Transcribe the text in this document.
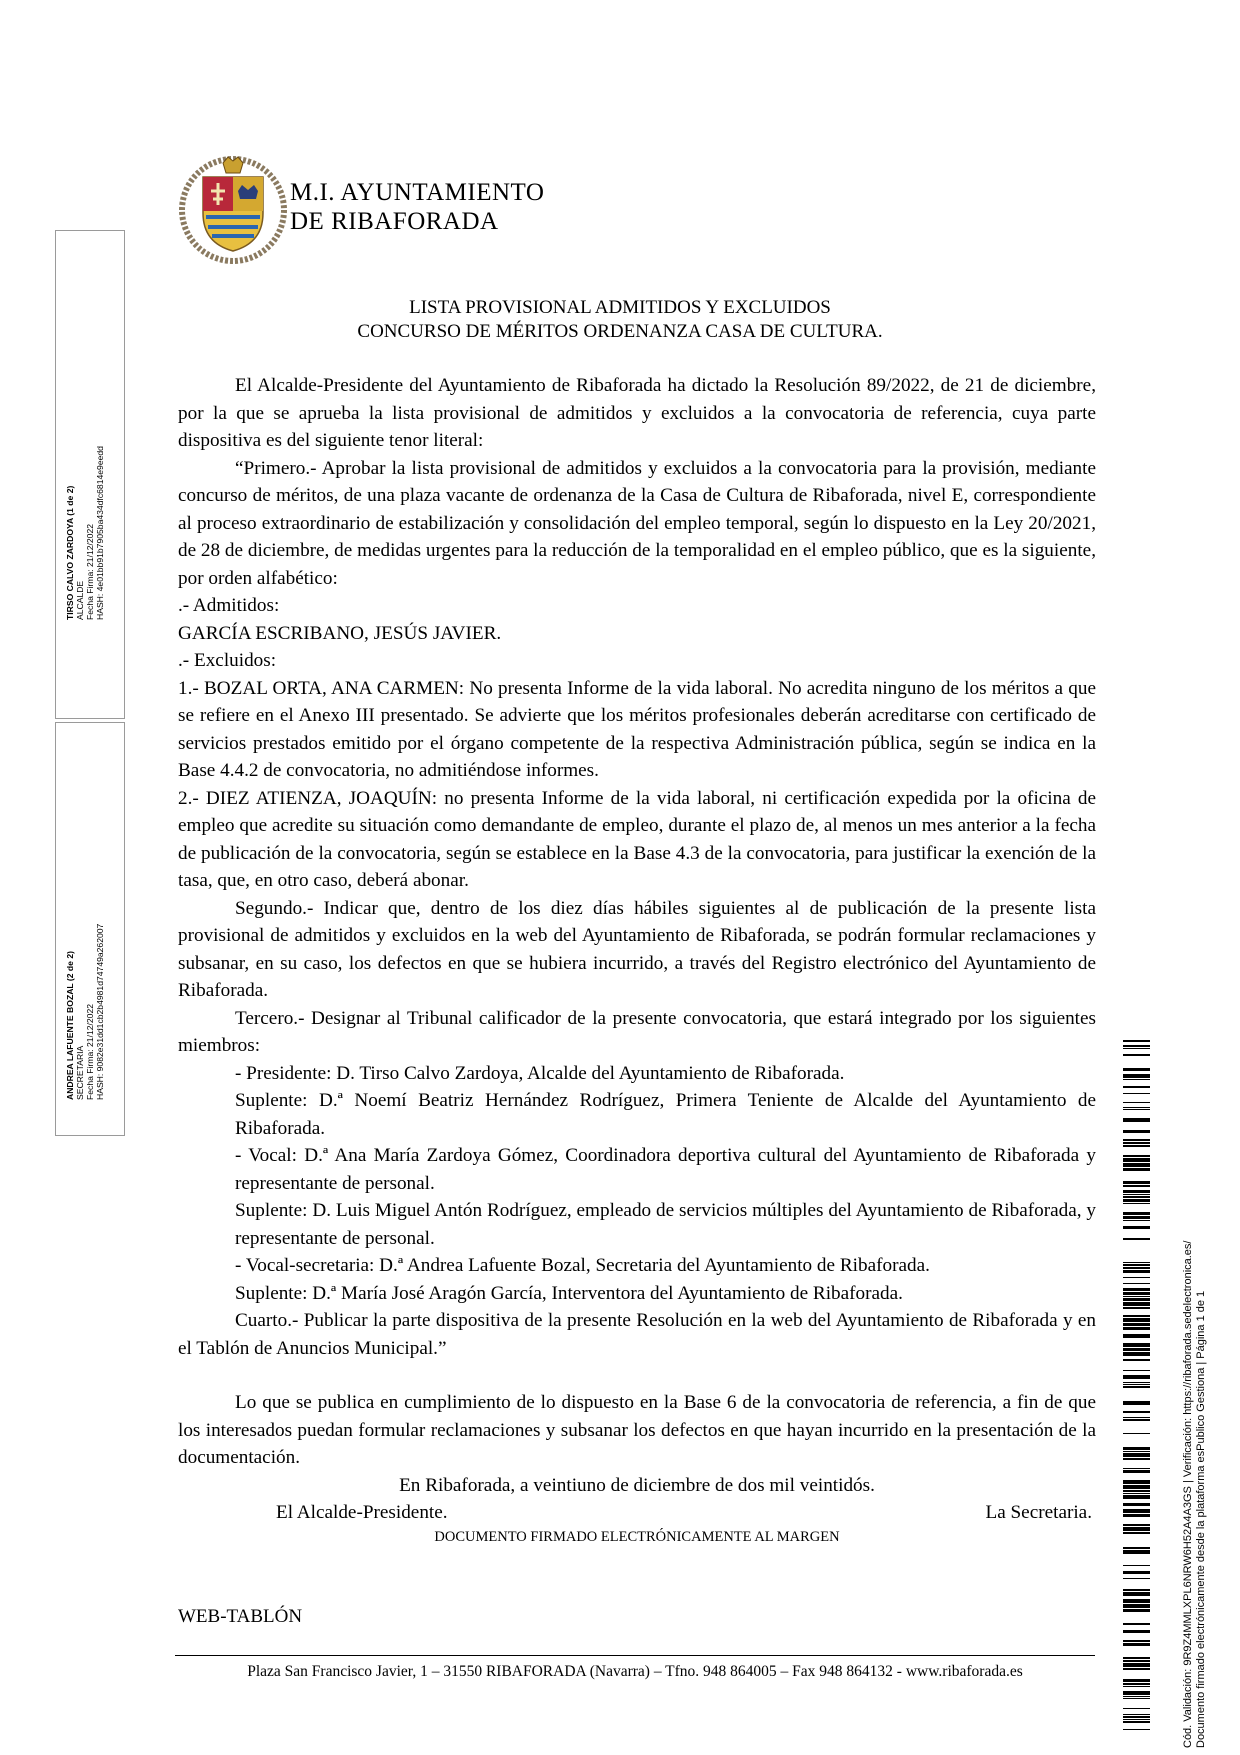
M.I. AYUNTAMIENTO
DE RIBAFORADA
LISTA PROVISIONAL ADMITIDOS Y EXCLUIDOS
CONCURSO DE MÉRITOS ORDENANZA CASA DE CULTURA.

El Alcalde-Presidente del Ayuntamiento de Ribaforada ha dictado la Resolución 89/2022, de 21 de diciembre, por la que se aprueba la lista provisional de admitidos y excluidos a la convocatoria de referencia, cuya parte dispositiva es del siguiente tenor literal:

“Primero.- Aprobar la lista provisional de admitidos y excluidos a la convocatoria para la provisión, mediante concurso de méritos, de una plaza vacante de ordenanza de la Casa de Cultura de Ribaforada, nivel E, correspondiente al proceso extraordinario de estabilización y consolidación del empleo temporal, según lo dispuesto en la Ley 20/2021, de 28 de diciembre, de medidas urgentes para la reducción de la temporalidad en el empleo público, que es la siguiente, por orden alfabético:

.- Admitidos:

GARCÍA ESCRIBANO, JESÚS JAVIER.

.- Excluidos:

1.- BOZAL ORTA, ANA CARMEN: No presenta Informe de la vida laboral. No acredita ninguno de los méritos a que se refiere en el Anexo III presentado. Se advierte que los méritos profesionales deberán acreditarse con certificado de servicios prestados emitido por el órgano competente de la respectiva Administración pública, según se indica en la Base 4.4.2 de convocatoria, no admitiéndose informes.

2.- DIEZ ATIENZA, JOAQUÍN: no presenta Informe de la vida laboral, ni certificación expedida por la oficina de empleo que acredite su situación como demandante de empleo, durante el plazo de, al menos un mes anterior a la fecha de publicación de la convocatoria, según se establece en la Base 4.3 de la convocatoria, para justificar la exención de la tasa, que, en otro caso, deberá abonar.

Segundo.- Indicar que, dentro de los diez días hábiles siguientes al de publicación de la presente lista provisional de admitidos y excluidos en la web del Ayuntamiento de Ribaforada, se podrán formular reclamaciones y subsanar, en su caso, los defectos en que se hubiera incurrido, a través del Registro electrónico del Ayuntamiento de Ribaforada.

Tercero.- Designar al Tribunal calificador de la presente convocatoria, que estará integrado por los siguientes miembros:

- Presidente: D. Tirso Calvo Zardoya, Alcalde del Ayuntamiento de Ribaforada.

Suplente: D.ª Noemí Beatriz Hernández Rodríguez, Primera Teniente de Alcalde del Ayuntamiento de Ribaforada.

- Vocal: D.ª Ana María Zardoya Gómez, Coordinadora deportiva cultural del Ayuntamiento de Ribaforada y representante de personal.

Suplente: D. Luis Miguel Antón Rodríguez, empleado de servicios múltiples del Ayuntamiento de Ribaforada, y representante de personal.

- Vocal-secretaria: D.ª Andrea Lafuente Bozal, Secretaria del Ayuntamiento de Ribaforada.

Suplente: D.ª María José Aragón García, Interventora del Ayuntamiento de Ribaforada.

Cuarto.- Publicar la parte dispositiva de la presente Resolución en la web del Ayuntamiento de Ribaforada y en el Tablón de Anuncios Municipal.”

Lo que se publica en cumplimiento de lo dispuesto en la Base 6 de la convocatoria de referencia, a fin de que los interesados puedan formular reclamaciones y subsanar los defectos en que hayan incurrido en la presentación de la documentación.

En Ribaforada, a veintiuno de diciembre de dos mil veintidós.

El Alcalde-Presidente.	La Secretaria.

DOCUMENTO FIRMADO ELECTRÓNICAMENTE AL MARGEN

WEB-TABLÓN
Plaza San Francisco Javier, 1 – 31550 RIBAFORADA (Navarra) – Tfno. 948 864005 – Fax 948 864132 - www.ribaforada.es
TIRSO CALVO ZARDOYA (1 de 2) ALCALDE Fecha Firma: 21/12/2022 HASH: 4e01bb91b7905ba434dfc6814e9eedd
ANDREA LAFUENTE BOZAL (2 de 2) SECRETARIA Fecha Firma: 21/12/2022 HASH: 9082e31dd1cb2b4981d74749a262007
Cód. Validación: 9R9Z4MMLXPL6NRW6H52A4A3GS | Verificación: https://ribaforada.sedelectronica.es/ Documento firmado electrónicamente desde la plataforma esPublico Gestiona | Página 1 de 1
